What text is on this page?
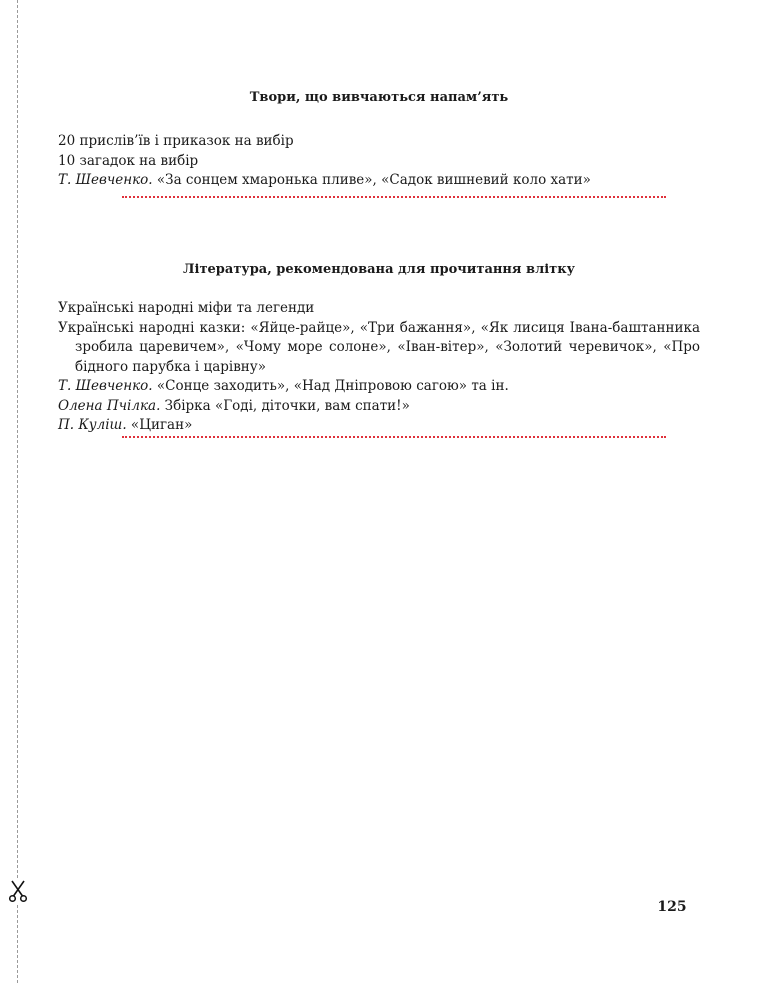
Твори, що вивчаються напам’ять
20 прислів’їв і приказок на вибір
10 загадок на вибір
Т. Шевченко. «За сонцем хмаронька пливе», «Садок вишневий коло хати»
Література, рекомендована для прочитання влітку
Українські народні міфи та легенди
Українські народні казки: «Яйце-райце», «Три бажання», «Як лисиця Івана-баштанника зробила царевичем», «Чому море солоне», «Іван-вітер», «Золотий черевичок», «Про бідного парубка і царівну»
Т. Шевченко. «Сонце заходить», «Над Дніпровою сагою» та ін.
Олена Пчілка. Збірка «Годі, діточки, вам спати!»
П. Куліш. «Циган»
125
